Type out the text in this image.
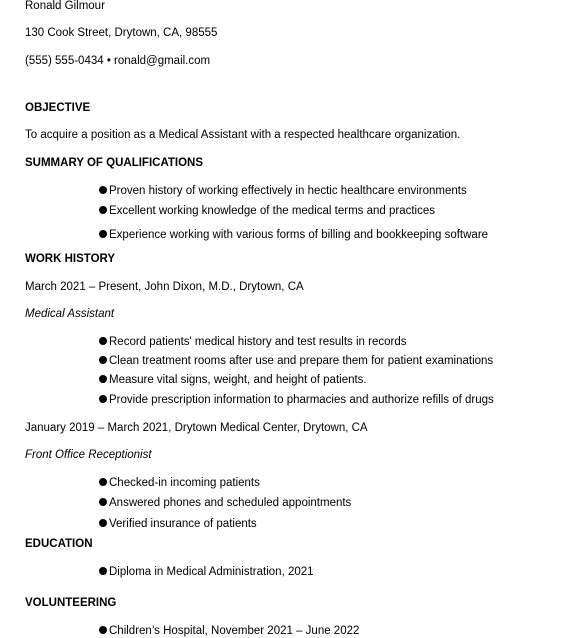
Ronald Gilmour
130 Cook Street, Drytown, CA, 98555
(555) 555-0434 • ronald@gmail.com
OBJECTIVE
To acquire a position as a Medical Assistant with a respected healthcare organization.
SUMMARY OF QUALIFICATIONS
Proven history of working effectively in hectic healthcare environments
Excellent working knowledge of the medical terms and practices
Experience working with various forms of billing and bookkeeping software
WORK HISTORY
March 2021 – Present, John Dixon, M.D., Drytown, CA
Medical Assistant
Record patients' medical history and test results in records
Clean treatment rooms after use and prepare them for patient examinations
Measure vital signs, weight, and height of patients.
Provide prescription information to pharmacies and authorize refills of drugs
January 2019 – March 2021, Drytown Medical Center, Drytown, CA
Front Office Receptionist
Checked-in incoming patients
Answered phones and scheduled appointments
Verified insurance of patients
EDUCATION
Diploma in Medical Administration, 2021
VOLUNTEERING
Children’s Hospital, November 2021 – June 2022
